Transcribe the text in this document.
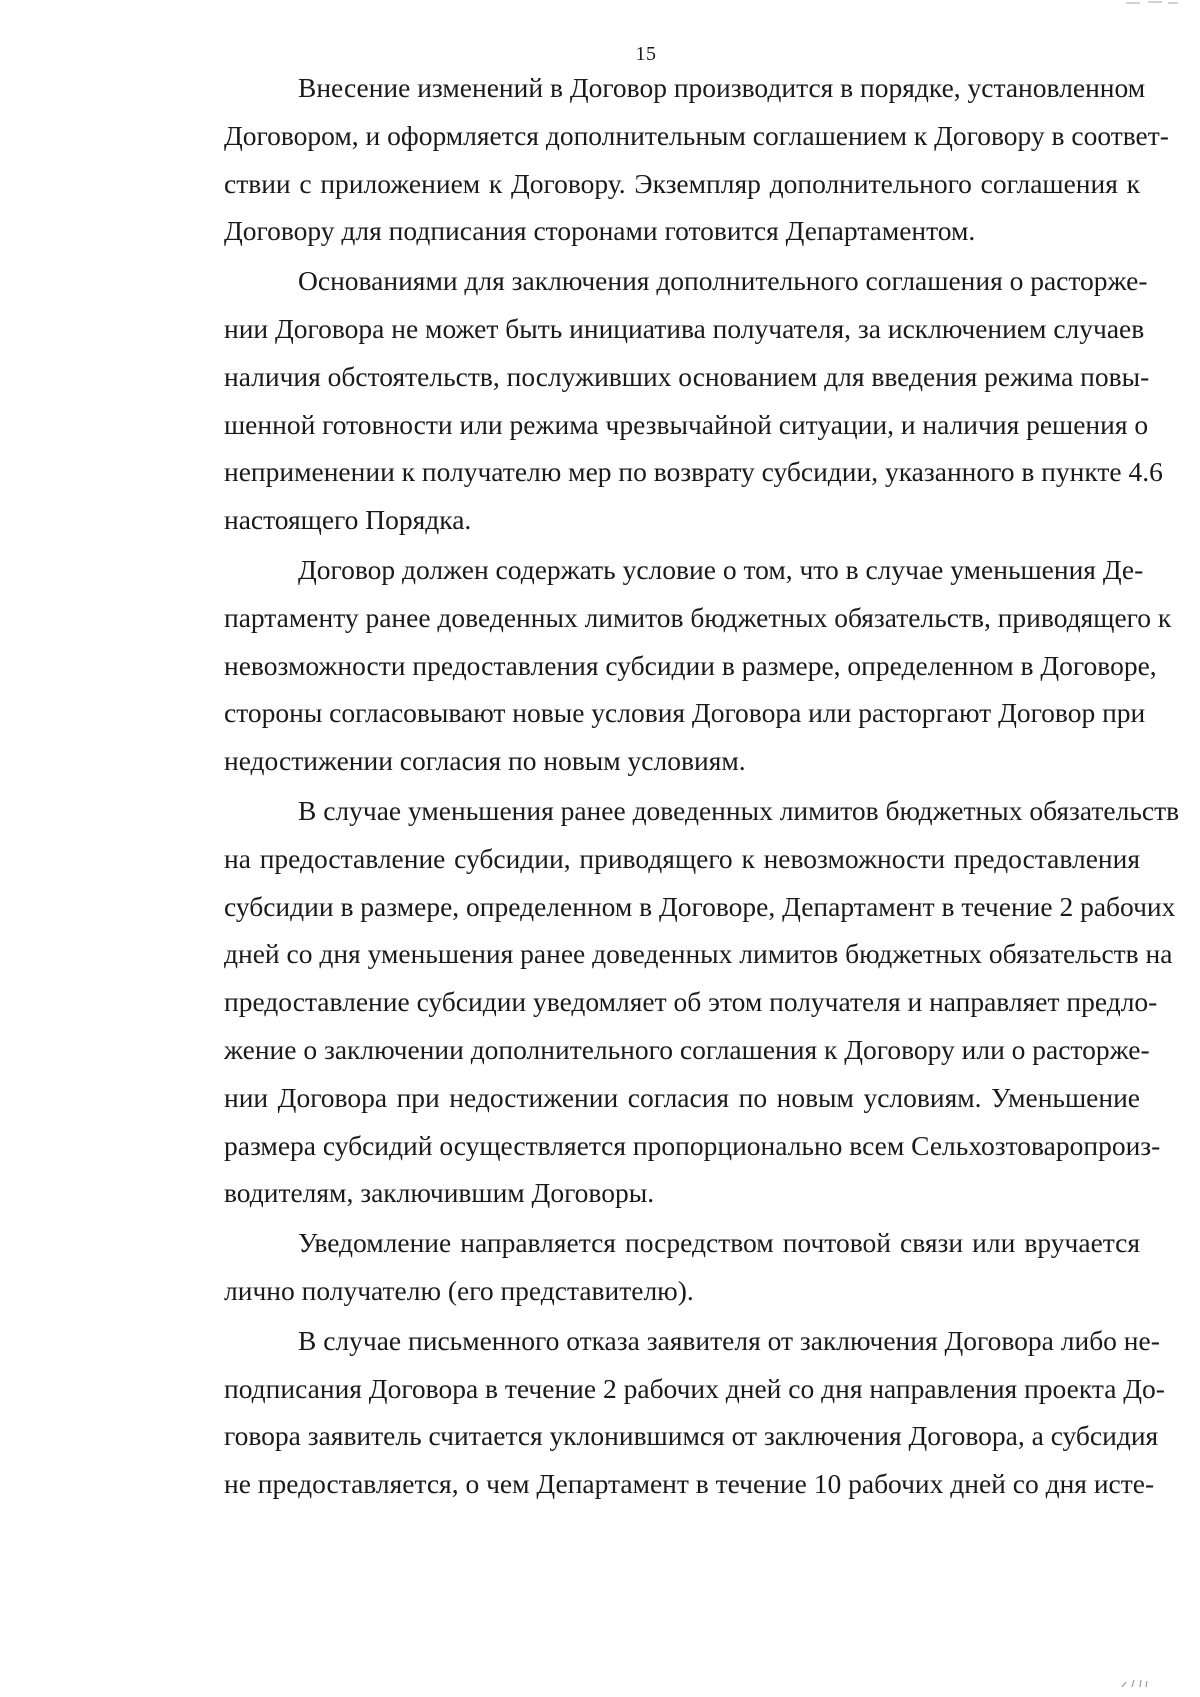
15
Внесение изменений в Договор производится в порядке, установленном
Договором, и оформляется дополнительным соглашением к Договору в соответ-
ствии с приложением к Договору. Экземпляр дополнительного соглашения к
Договору для подписания сторонами готовится Департаментом.
Основаниями для заключения дополнительного соглашения о расторже-
нии Договора не может быть инициатива получателя, за исключением случаев
наличия обстоятельств, послуживших основанием для введения режима повы-
шенной готовности или режима чрезвычайной ситуации, и наличия решения о
неприменении к получателю мер по возврату субсидии, указанного в пункте 4.6
настоящего Порядка.
Договор должен содержать условие о том, что в случае уменьшения Де-
партаменту ранее доведенных лимитов бюджетных обязательств, приводящего к
невозможности предоставления субсидии в размере, определенном в Договоре,
стороны согласовывают новые условия Договора или расторгают Договор при
недостижении согласия по новым условиям.
В случае уменьшения ранее доведенных лимитов бюджетных обязательств
на предоставление субсидии, приводящего к невозможности предоставления
субсидии в размере, определенном в Договоре, Департамент в течение 2 рабочих
дней со дня уменьшения ранее доведенных лимитов бюджетных обязательств на
предоставление субсидии уведомляет об этом получателя и направляет предло-
жение о заключении дополнительного соглашения к Договору или о расторже-
нии Договора при недостижении согласия по новым условиям. Уменьшение
размера субсидий осуществляется пропорционально всем Сельхозтоваропроиз-
водителям, заключившим Договоры.
Уведомление направляется посредством почтовой связи или вручается
лично получателю (его представителю).
В случае письменного отказа заявителя от заключения Договора либо не-
подписания Договора в течение 2 рабочих дней со дня направления проекта До-
говора заявитель считается уклонившимся от заключения Договора, а субсидия
не предоставляется, о чем Департамент в течение 10 рабочих дней со дня исте-
